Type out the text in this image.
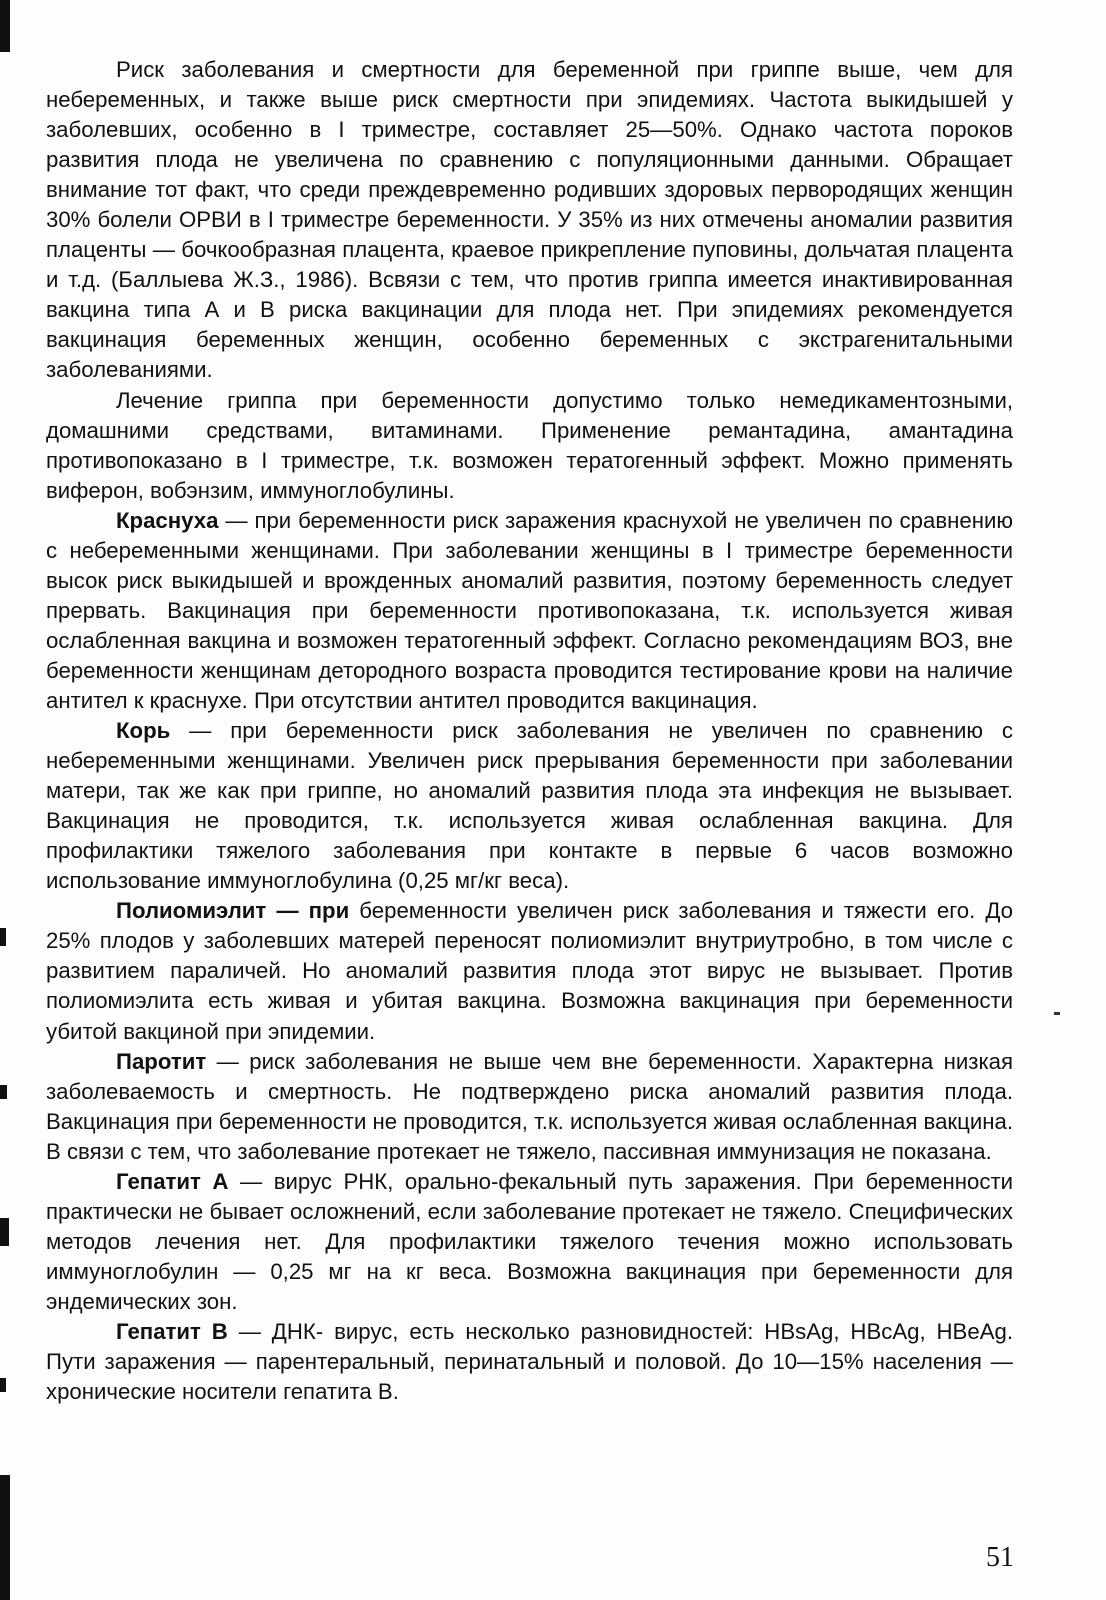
Риск заболевания и смертности для беременной при гриппе выше, чем для небеременных, и также выше риск смертности при эпидемиях. Частота выкидышей у заболевших, особенно в I триместре, составляет 25—50%. Однако частота пороков развития плода не увеличена по сравнению с популяционными данными. Обращает внимание тот факт, что среди преждевременно родивших здоровых первородящих женщин 30% болели ОРВИ в I триместре беременности. У 35% из них отмечены аномалии развития плаценты — бочкообразная плацента, краевое прикрепление пуповины, дольчатая плацента и т.д. (Баллыева Ж.З., 1986). Всвязи с тем, что против гриппа имеется инактивированная вакцина типа А и В риска вакцинации для плода нет. При эпидемиях рекомендуется вакцинация беременных женщин, особенно беременных с экстрагенитальными заболеваниями.

Лечение гриппа при беременности допустимо только немедикаментозными, домашними средствами, витаминами. Применение ремантадина, амантадина противопоказано в I триместре, т.к. возможен тератогенный эффект. Можно применять виферон, вобэнзим, иммуноглобулины.

Краснуха — при беременности риск заражения краснухой не увеличен по сравнению с небеременными женщинами. При заболевании женщины в I триместре беременности высок риск выкидышей и врожденных аномалий развития, поэтому беременность следует прервать. Вакцинация при беременности противопоказана, т.к. используется живая ослабленная вакцина и возможен тератогенный эффект. Согласно рекомендациям ВОЗ, вне беременности женщинам детородного возраста проводится тестирование крови на наличие антител к краснухе. При отсутствии антител проводится вакцинация.

Корь — при беременности риск заболевания не увеличен по сравнению с небеременными женщинами. Увеличен риск прерывания беременности при заболевании матери, так же как при гриппе, но аномалий развития плода эта инфекция не вызывает. Вакцинация не проводится, т.к. используется живая ослабленная вакцина. Для профилактики тяжелого заболевания при контакте в первые 6 часов возможно использование иммуноглобулина (0,25 мг/кг веса).

Полиомиэлит — при беременности увеличен риск заболевания и тяжести его. До 25% плодов у заболевших матерей переносят полиомиэлит внутриутробно, в том числе с развитием параличей. Но аномалий развития плода этот вирус не вызывает. Против полиомиэлита есть живая и убитая вакцина. Возможна вакцинация при беременности убитой вакциной при эпидемии.

Паротит — риск заболевания не выше чем вне беременности. Характерна низкая заболеваемость и смертность. Не подтверждено риска аномалий развития плода. Вакцинация при беременности не проводится, т.к. используется живая ослабленная вакцина. В связи с тем, что заболевание протекает не тяжело, пассивная иммунизация не показана.

Гепатит А — вирус РНК, орально-фекальный путь заражения. При беременности практически не бывает осложнений, если заболевание протекает не тяжело. Специфических методов лечения нет. Для профилактики тяжелого течения можно использовать иммуноглобулин — 0,25 мг на кг веса. Возможна вакцинация при беременности для эндемических зон.

Гепатит В — ДНК- вирус, есть несколько разновидностей: HBsAg, HBcAg, HBeAg. Пути заражения — парентеральный, перинатальный и половой. До 10—15% населения — хронические носители гепатита В.

51
